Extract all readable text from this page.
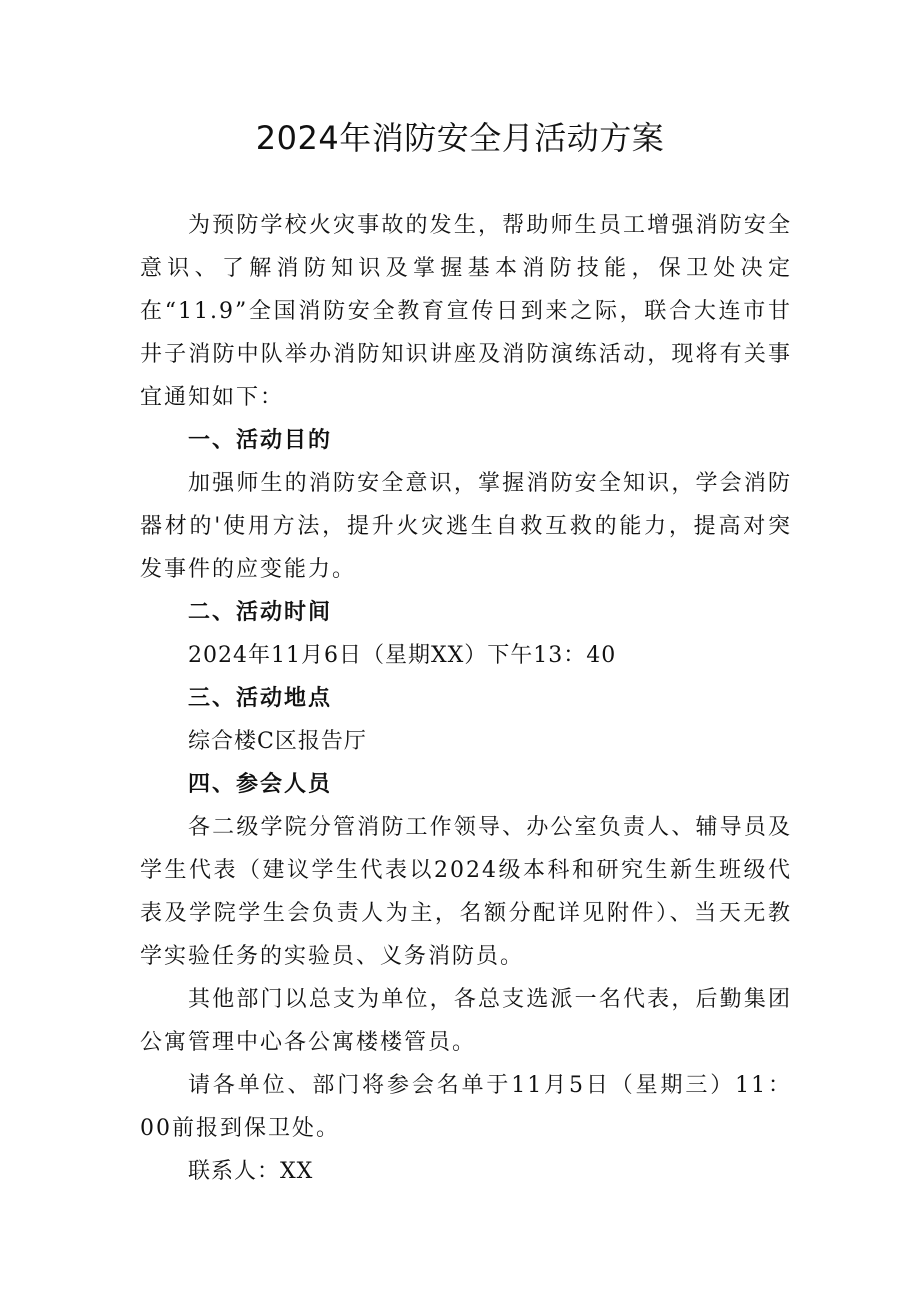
2024年消防安全月活动方案
为预防学校火灾事故的发生，帮助师生员工增强消防安全意识、了解消防知识及掌握基本消防技能，保卫处决定在“11.9”全国消防安全教育宣传日到来之际，联合大连市甘井子消防中队举办消防知识讲座及消防演练活动，现将有关事宜通知如下：
一、活动目的
加强师生的消防安全意识，掌握消防安全知识，学会消防器材的'使用方法，提升火灾逃生自救互救的能力，提高对突发事件的应变能力。
二、活动时间
2024年11月6日（星期XX）下午13：40
三、活动地点
综合楼C区报告厅
四、参会人员
各二级学院分管消防工作领导、办公室负责人、辅导员及学生代表（建议学生代表以2024级本科和研究生新生班级代表及学院学生会负责人为主，名额分配详见附件）、当天无教学实验任务的实验员、义务消防员。
其他部门以总支为单位，各总支选派一名代表，后勤集团公寓管理中心各公寓楼楼管员。
请各单位、部门将参会名单于11月5日（星期三）11：00前报到保卫处。
联系人：XX
